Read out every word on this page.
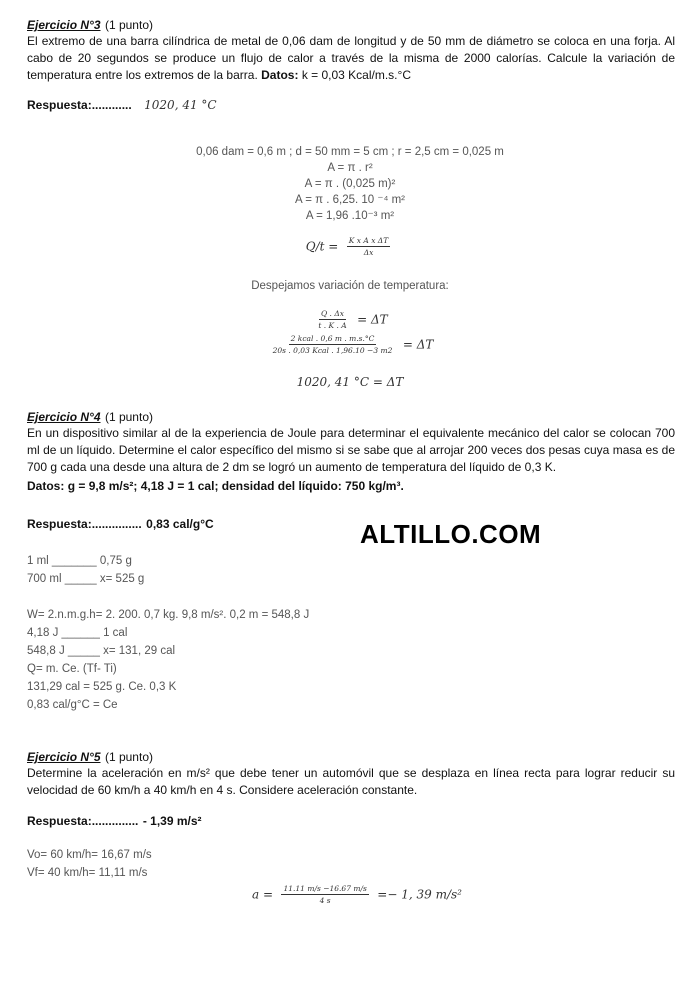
Ejercicio N°3 (1 punto)
El extremo de una barra cilíndrica de metal de 0,06 dam de longitud y de 50 mm de diámetro se coloca en una forja. Al cabo de 20 segundos se produce un flujo de calor a través de la misma de 2000 calorías. Calcule la variación de temperatura entre los extremos de la barra. Datos: k = 0,03 Kcal/m.s.°C
Respuesta:............ 1020, 41 °C
0,06 dam = 0,6 m ; d = 50 mm = 5 cm ; r = 2,5 cm = 0,025 m
A = π . r²
A = π . (0,025 m)²
A = π . 6,25. 10 ⁻⁴ m²
A = 1,96 .10⁻³ m²
$Q/t = \frac{\text{K x A x ΔT}}{\Delta x}$
Despejamos variación de temperatura:
$\frac{Q . \Delta x}{t . K . A} = \Delta T$
$\frac{\text{2 kcal . 0,6 m . m.s.°C}}{\text{20s . 0,03 Kcal . 1,96.10 −3 m2}} = \Delta T$
1020, 41 °C = ΔT
Ejercicio N°4 (1 punto)
En un dispositivo similar al de la experiencia de Joule para determinar el equivalente mecánico del calor se colocan 700 ml de un líquido. Determine el calor específico del mismo si se sabe que al arrojar 200 veces dos pesas cuya masa es de 700 g cada una desde una altura de 2 dm se logró un aumento de temperatura del líquido de 0,3 K.
Datos: g = 9,8 m/s²; 4,18 J = 1 cal; densidad del líquido: 750 kg/m³.
Respuesta:............... 0,83 cal/g°C	ALTILLO.COM
1 ml _______ 0,75 g
700 ml _____ x= 525 g
W= 2.n.m.g.h= 2. 200. 0,7 kg. 9,8 m/s². 0,2 m = 548,8 J
4,18 J ______ 1 cal
548,8 J _____ x= 131, 29 cal
Q= m. Ce. (Tf- Ti)
131,29 cal = 525 g. Ce. 0,3 K
0,83 cal/g°C = Ce
Ejercicio N°5 (1 punto)
Determine la aceleración en m/s² que debe tener un automóvil que se desplaza en línea recta para lograr reducir su velocidad de 60 km/h a 40 km/h en 4 s. Considere aceleración constante.
Respuesta:.............. - 1,39 m/s²
Vo= 60 km/h= 16,67 m/s
Vf= 40 km/h= 11,11 m/s
$a = \frac{11.11 m/s -16.67 m/s}{4 s} =- 1$, 39 m/s²
